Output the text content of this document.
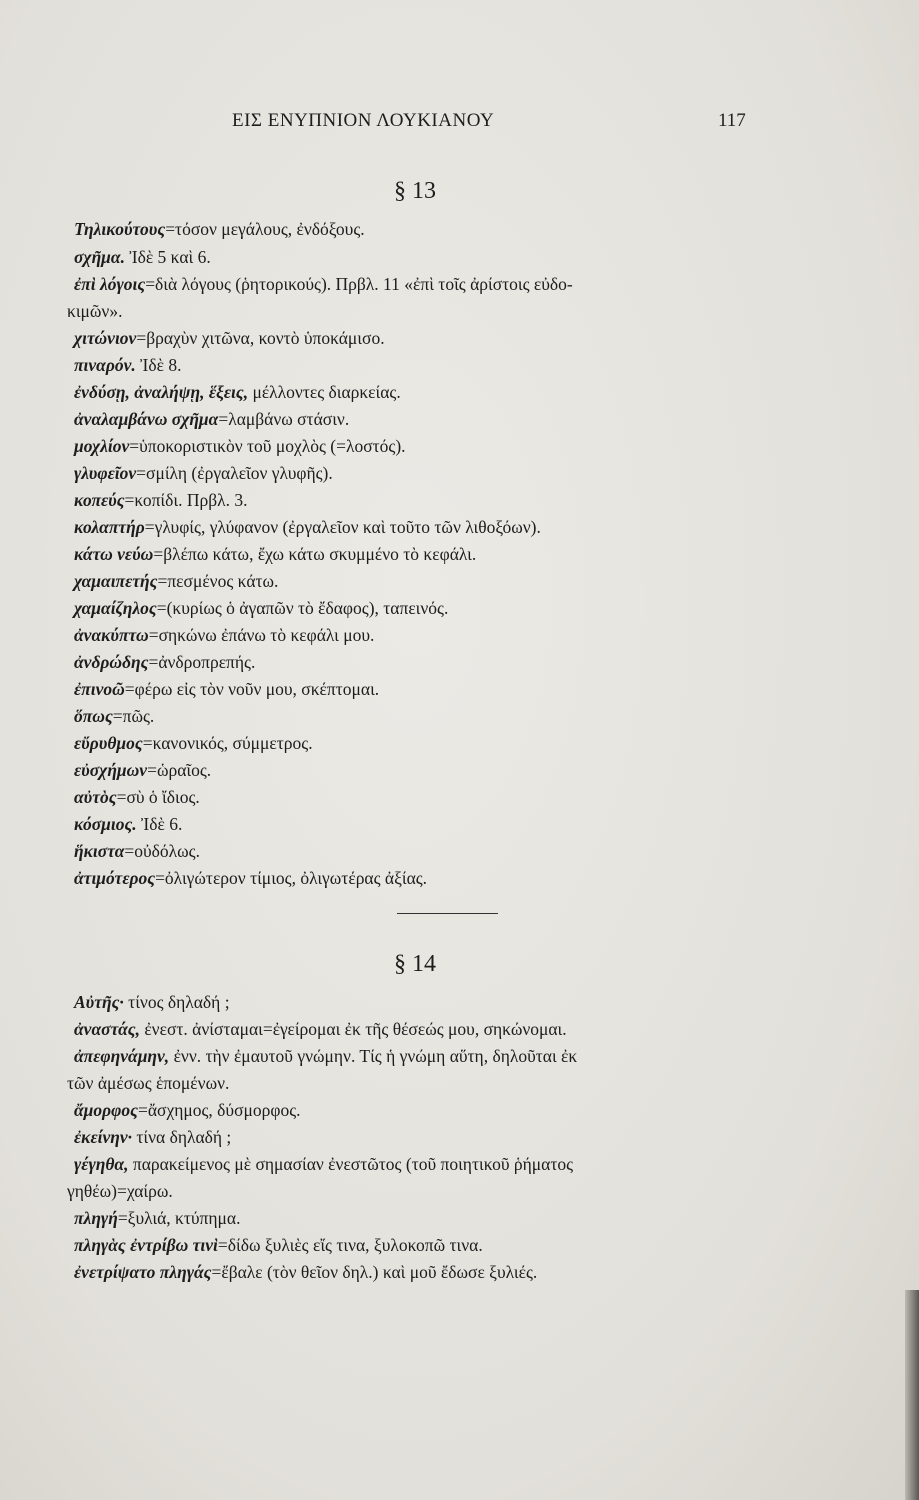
ΕΙΣ ΕΝΥΠΝΙΟΝ ΛΟΥΚΙΑΝΟΥ	117
§ 13
Τηλικούτους=τόσον μεγάλους, ἐνδόξους.
σχῆμα. Ἰδὲ 5 καὶ 6.
ἐπὶ λόγοις=διὰ λόγους (ῥητορικούς). Πρβλ. 11 «ἐπὶ τοῖς ἀρίστοις εὐδο-
κιμῶν».
χιτώνιον=βραχὺν χιτῶνα, κοντὸ ὑποκάμισο.
πιναρόν. Ἰδὲ 8.
ἐνδύσῃ, ἀναλήψῃ, ἕξεις, μέλλοντες διαρκείας.
ἀναλαμβάνω σχῆμα=λαμβάνω στάσιν.
μοχλίον=ὑποκοριστικὸν τοῦ μοχλὸς (=λοστός).
γλυφεῖον=σμίλη (ἐργαλεῖον γλυφῆς).
κοπεύς=κοπίδι. Πρβλ. 3.
κολαπτήρ=γλυφίς, γλύφανον (ἐργαλεῖον καὶ τοῦτο τῶν λιθοξόων).
κάτω νεύω=βλέπω κάτω, ἔχω κάτω σκυμμένο τὸ κεφάλι.
χαμαιπετής=πεσμένος κάτω.
χαμαίζηλος=(κυρίως ὁ ἀγαπῶν τὸ ἔδαφος), ταπεινός.
ἀνακύπτω=σηκώνω ἐπάνω τὸ κεφάλι μου.
ἀνδρώδης=ἀνδροπρεπής.
ἐπινοῶ=φέρω εἰς τὸν νοῦν μου, σκέπτομαι.
ὅπως=πῶς.
εὔρυθμος=κανονικός, σύμμετρος.
εὐσχήμων=ὡραῖος.
αὐτὸς=σὺ ὁ ἴδιος.
κόσμιος. Ἰδὲ 6.
ἥκιστα=οὐδόλως.
ἀτιμότερος=ὀλιγώτερον τίμιος, ὀλιγωτέρας ἀξίας.
§ 14
Αὐτῆς· τίνος δηλαδή ;
ἀναστάς, ἐνεστ. ἀνίσταμαι=ἐγείρομαι ἐκ τῆς θέσεώς μου, σηκώνομαι.
ἀπεφηνάμην, ἐνν. τὴν ἐμαυτοῦ γνώμην. Τίς ἡ γνώμη αὕτη, δηλοῦται ἐκ
τῶν ἀμέσως ἑπομένων.
ἄμορφος=ἄσχημος, δύσμορφος.
ἐκείνην· τίνα δηλαδή ;
γέγηθα, παρακείμενος μὲ σημασίαν ἐνεστῶτος (τοῦ ποιητικοῦ ῥήματος
γηθέω)=χαίρω.
πληγή=ξυλιά, κτύπημα.
πληγὰς ἐντρίβω τινὶ=δίδω ξυλιὲς εἴς τινα, ξυλοκοπῶ τινα.
ἐνετρίψατο πληγάς=ἔβαλε (τὸν θεῖον δηλ.) καὶ μοῦ ἔδωσε ξυλιές.
